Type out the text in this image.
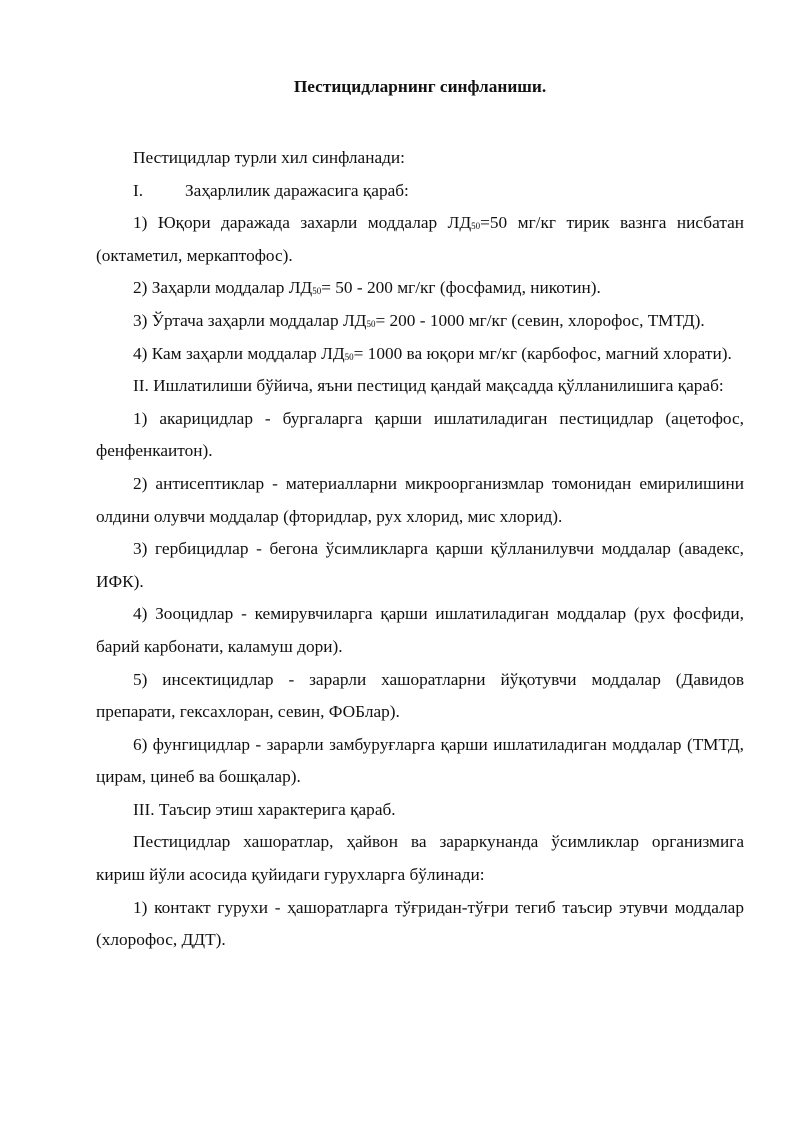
Пестицидларнинг синфланиши.

Пестицидлар турли хил синфланади:

I. Заҳарлилик даражасига қараб:

1) Юқори даражада захарли моддалар $ЛД_{50}=50$ мг/кг тирик вазнга нисбатан (октаметил, меркаптофос).

2) Заҳарли моддалар $ЛД_{50}= 50 - 200$ мг/кг (фосфамид, никотин).

3) Ўртача заҳарли моддалар $ЛД_{50}= 200 - 1000$ мг/кг (севин, хлорофос, ТМТД).

4) Кам заҳарли моддалар $ЛД_{50}= 1000$ ва юқори мг/кг (карбофос, магний хлорати).

II. Ишлатилиши бўйича, яъни пестицид қандай мақсадда қўлланилишига қараб:

1) акарицидлар - бургаларга қарши ишлатиладиган пестицидлар (ацетофос, фенфенкаитон).

2) антисептиклар - материалларни микроорганизмлар томонидан емирилишини олдини олувчи моддалар (фторидлар, рух хлорид, мис хлорид).

3) гербицидлар - бегона ўсимликларга қарши қўлланилувчи моддалар (авадекс, ИФК).

4) Зооцидлар - кемирувчиларга қарши ишлатиладиган моддалар (рух фосфиди, барий карбонати, каламуш дори).

5) инсектицидлар - зарарли хашоратларни йўқотувчи моддалар (Давидов препарати, гексахлоран, севин, ФОБлар).

6) фунгицидлар - зарарли замбуруғларга қарши ишлатиладиган моддалар (ТМТД, цирам, цинеб ва бошқалар).

III. Таъсир этиш характерига қараб.

Пестицидлар хашоратлар, ҳайвон ва зараркунанда ўсимликлар организмига кириш йўли асосида қуйидаги гурухларга бўлинади:

1) контакт гурухи - ҳашоратларга тўғридан-тўғри тегиб таъсир этувчи моддалар (хлорофос, ДДТ).
